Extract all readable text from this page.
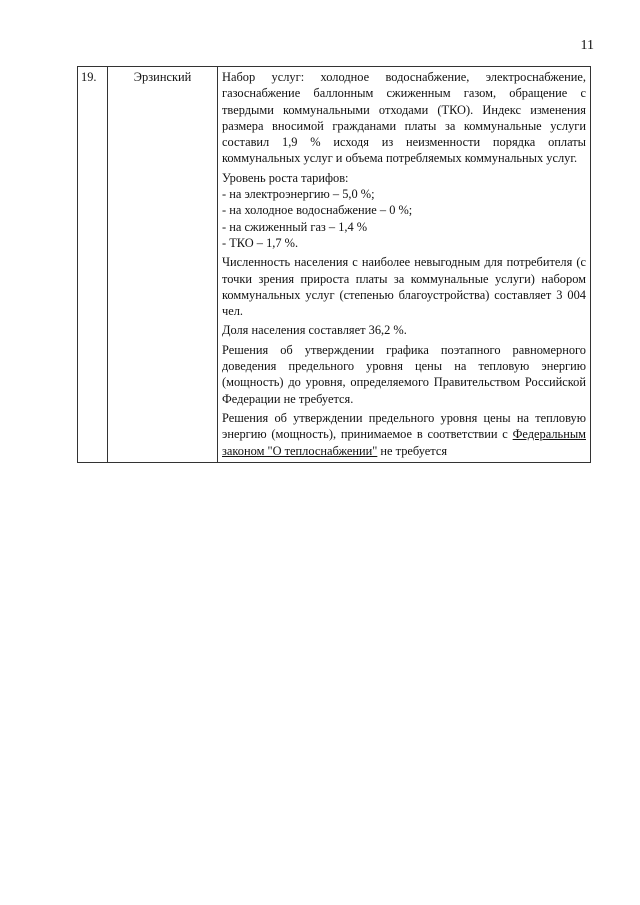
11
19.	Эрзинский	Набор услуг: холодное водоснабжение, электроснабжение, газоснабжение баллонным сжиженным газом, обращение с твердыми коммунальными отходами (ТКО). Индекс изменения размера вносимой гражданами платы за коммунальные услуги составил 1,9 % исходя из неизменности порядка оплаты коммунальных услуг и объема потребляемых коммунальных услуг.

Уровень роста тарифов:

- на электроэнергию – 5,0 %;

- на холодное водоснабжение – 0 %;

- на сжиженный газ – 1,4 %

- ТКО – 1,7 %.

Численность населения с наиболее невыгодным для потребителя (с точки зрения прироста платы за коммунальные услуги) набором коммунальных услуг (степенью благоустройства) составляет 3 004 чел.

Доля населения составляет 36,2 %.

Решения об утверждении графика поэтапного равномерного доведения предельного уровня цены на тепловую энергию (мощность) до уровня, определяемого Правительством Российской Федерации не требуется.

Решения об утверждении предельного уровня цены на тепловую энергию (мощность), принимаемое в соответствии с Федеральным законом "О теплоснабжении" не требуется
